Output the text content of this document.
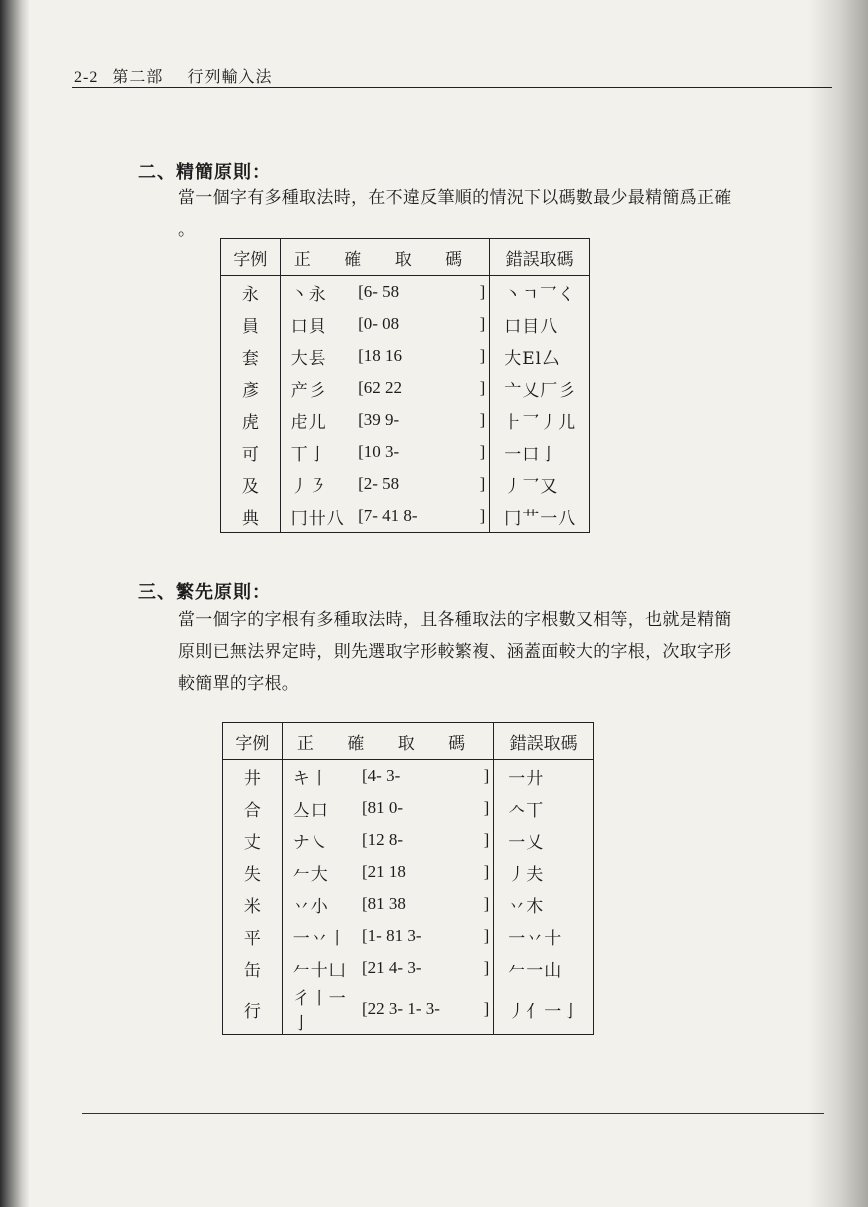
2-2 第二部 行列輸入法
二、精簡原則：
當一個字有多種取法時，在不違反筆順的情況下以碼數最少最精簡爲正確
。
字例	正 確 取 碼			錯誤取碼
永	丶永	[6- 58	]	丶ㄱ乛く
員	口貝	[0- 08	]	口目八
套	大镸	[18 16	]	大El厶
彥	产彡	[62 22	]	亠乂厂彡
虎	虍儿	[39 9-	]	⺊乛丿儿
可	丅亅	[10 3-	]	一口亅
及	丿㇋	[2- 58	]	丿乛又
典	冂卄八	[7- 41 8-	]	冂艹一八
三、繁先原則：
當一個字的字根有多種取法時，且各種取法的字根數又相等，也就是精簡
原則已無法界定時，則先選取字形較繁複、涵蓋面較大的字根，次取字形
較簡單的字根。
字例	正 確 取 碼			錯誤取碼
井	キ丨	[4- 3-	]	一廾
合	亼口	[81 0-	]	𠆢丅
丈	ナ㇏	[12 8-	]	一乂
失	𠂉大	[21 18	]	丿夫
米	丷小	[81 38	]	丷木
平	一丷丨	[1- 81 3-	]	一丷十
缶	𠂉十凵	[21 4- 3-	]	𠂉一山
行	彳丨一亅	[22 3- 1- 3-	]	丿亻一亅
